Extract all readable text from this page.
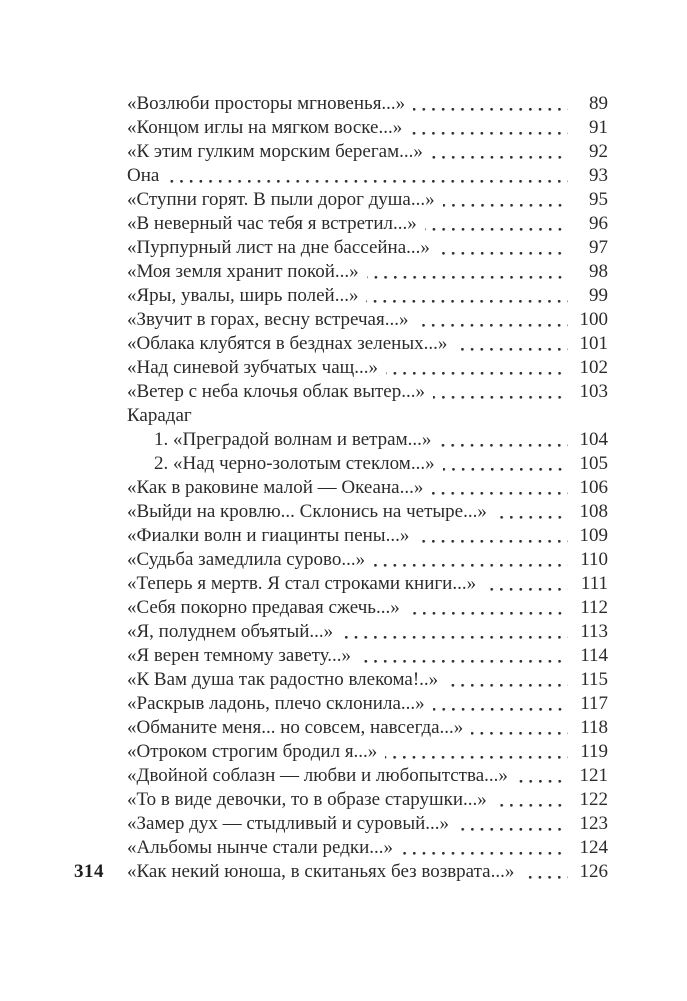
314
«Возлюби просторы мгновенья...»	89
«Концом иглы на мягком воске...»	91
«К этим гулким морским берегам...»	92
Она	93
«Ступни горят. В пыли дорог душа...»	95
«В неверный час тебя я встретил...»	96
«Пурпурный лист на дне бассейна...»	97
«Моя земля хранит покой...»	98
«Яры, увалы, ширь полей...»	99
«Звучит в горах, весну встречая...»	100
«Облака клубятся в безднах зеленых...»	101
«Над синевой зубчатых чащ...»	102
«Ветер с неба клочья облак вытер...»	103
Карадаг
1. «Преградой волнам и ветрам...»	104
2. «Над черно-золотым стеклом...»	105
«Как в раковине малой — Океана...»	106
«Выйди на кровлю... Склонись на четыре...»	108
«Фиалки волн и гиацинты пены...»	109
«Судьба замедлила сурово...»	110
«Теперь я мертв. Я стал строками книги...»	111
«Себя покорно предавая сжечь...»	112
«Я, полуднем объятый...»	113
«Я верен темному завету...»	114
«К Вам душа так радостно влекома!..»	115
«Раскрыв ладонь, плечо склонила...»	117
«Обманите меня... но совсем, навсегда...»	118
«Отроком строгим бродил я...»	119
«Двойной соблазн — любви и любопытства...»	121
«То в виде девочки, то в образе старушки...»	122
«Замер дух — стыдливый и суровый...»	123
«Альбомы нынче стали редки...»	124
«Как некий юноша, в скитаньях без возврата...»	126
